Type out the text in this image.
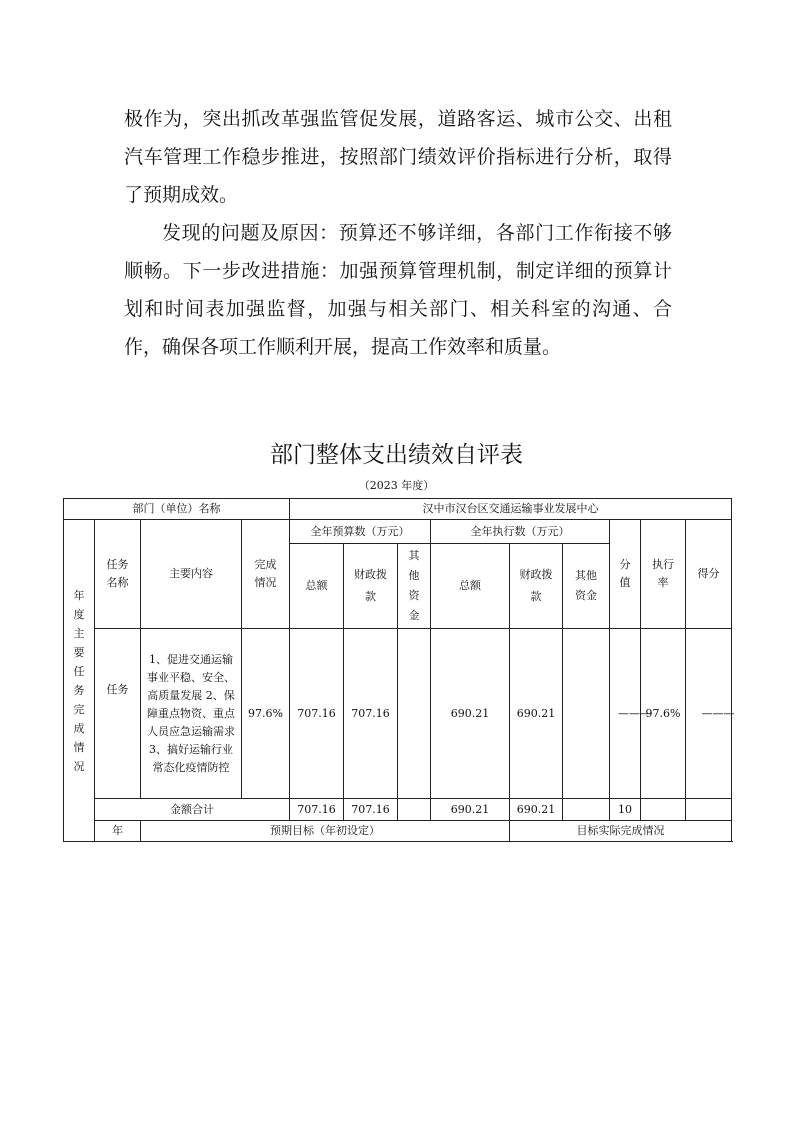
极作为，突出抓改革强监管促发展，道路客运、城市公交、出租汽车管理工作稳步推进，按照部门绩效评价指标进行分析，取得了预期成效。

发现的问题及原因：预算还不够详细，各部门工作衔接不够顺畅。下一步改进措施：加强预算管理机制，制定详细的预算计划和时间表加强监督，加强与相关部门、相关科室的沟通、合作，确保各项工作顺利开展，提高工作效率和质量。

部门整体支出绩效自评表
（2023 年度）
部门（单位）名称				汉中市汉台区交通运输事业发展中心								
年度主要任务完成情况	任务名称	主要内容	完成情况	全年预算数（万元）			全年执行数（万元）			分值	执行率	得分
				总额	财政拨款	其他资金	总额	财政拨款	其他资金			
	任务	1、促进交通运输事业平稳、安全、高质量发展 2、保障重点物资、重点人员应急运输需求 3、搞好运输行业常态化疫情防控	97.6%	707.16	707.16		690.21	690.21		———	97.6%	———
	金额合计			707.16	707.16		690.21	690.21		10		
	年	预期目标（年初设定）						目标实际完成情况				
